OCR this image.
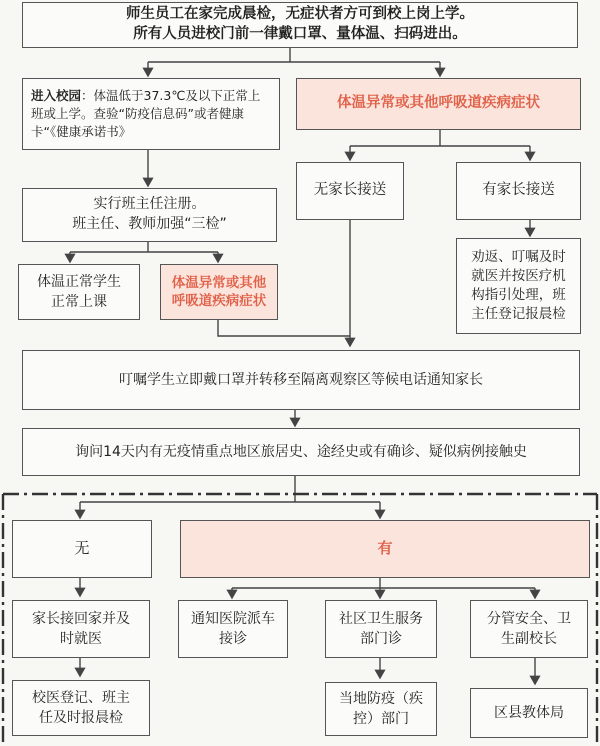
师生员工在家完成晨检，无症状者方可到校上岗上学。
所有人员进校门前一律戴口罩、量体温、扫码进出。
进入校园：体温低于37.3℃及以下正常上班或上学。查验“防疫信息码”或者健康卡“《健康承诺书》
体温异常或其他呼吸道疾病症状
无家长接送	有家长接送
实行班主任注册。
班主任、教师加强“三检”
体温正常学生
正常上课
体温异常或其他
呼吸道疾病症状
劝返、叮嘱及时
就医并按医疗机
构指引处理，班
主任登记报晨检
叮嘱学生立即戴口罩并转移至隔离观察区等候电话通知家长
询问14天内有无疫情重点地区旅居史、途经史或有确诊、疑似病例接触史
无	有
家长接回家并及
时就医
通知医院派车
接诊
社区卫生服务
部门诊
分管安全、卫
生副校长
校医登记、班主
任及时报晨检
当地防疫（疾
控）部门	区县教体局
